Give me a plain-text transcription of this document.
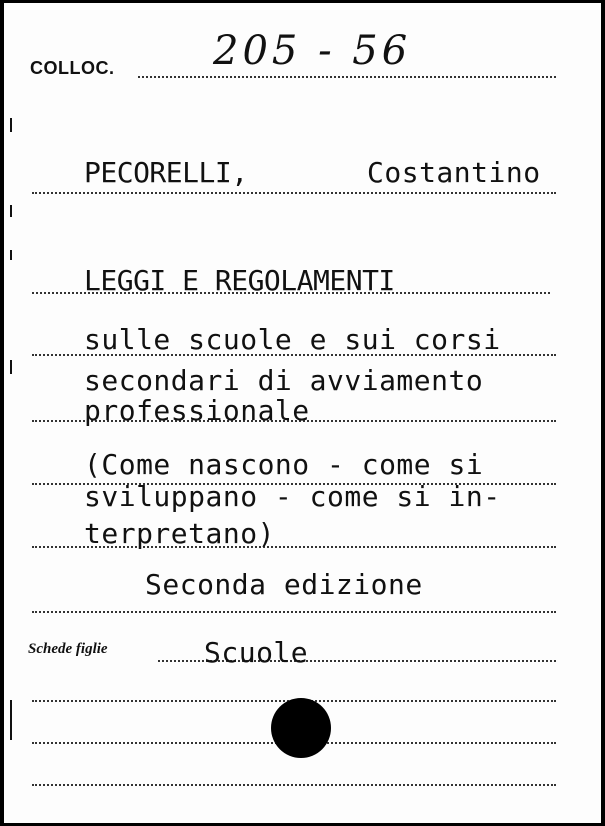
COLLOC. 205 - 56
PECORELLI,	Costantino
LEGGI E REGOLAMENTI
sulle scuole e sui corsi
secondari di avviamento
professionale
(Come nascono - come si
sviluppano - come si in-
terpretano)
Seconda edizione
Schede figlie	Scuole
